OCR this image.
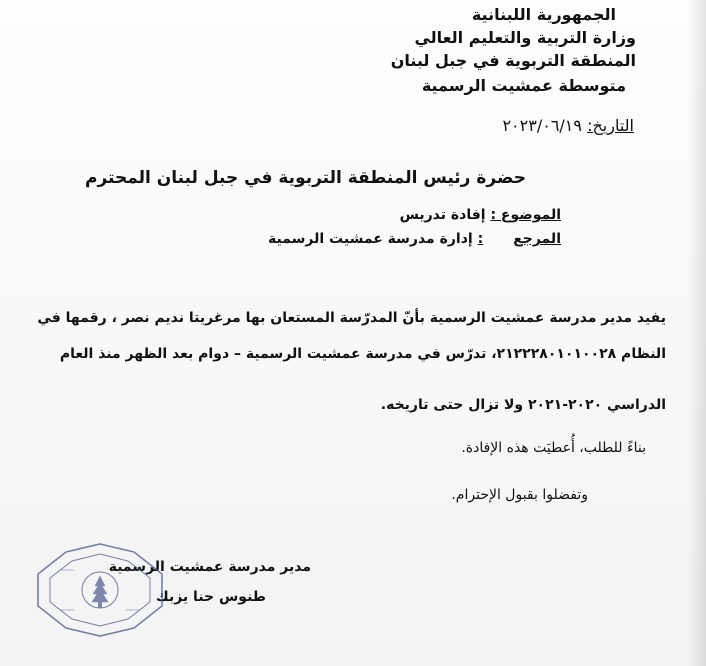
الجمهورية اللبنانية
وزارة التربية والتعليم العالي
المنطقة التربوية في جبل لبنان
متوسطة عمشيت الرسمية
التاريخ: ٢٠٢٣/٠٦/١٩
حضرة رئيس المنطقة التربوية في جبل لبنان المحترم
الموضوع : إفادة تدريس
المرجع: إدارة مدرسة عمشيت الرسمية
يفيد مدير مدرسة عمشيت الرسمية بأنّ المدرّسة المستعان بها مرغريتا نديم نصر ، رقمها في
النظام ٢١٢٢٢٨٠١٠١٠٠٢٨، تدرّس في مدرسة عمشيت الرسمية – دوام بعد الظهر منذ العام
الدراسي ٢٠٢٠-٢٠٢١ ولا تزال حتى تاريخه.
بناءً للطلب، أُعطيَت هذه الإفادة.
وتفضلوا بقبول الإحترام.
مدير مدرسة عمشيت الرسمية
طنوس حنا يزبك
